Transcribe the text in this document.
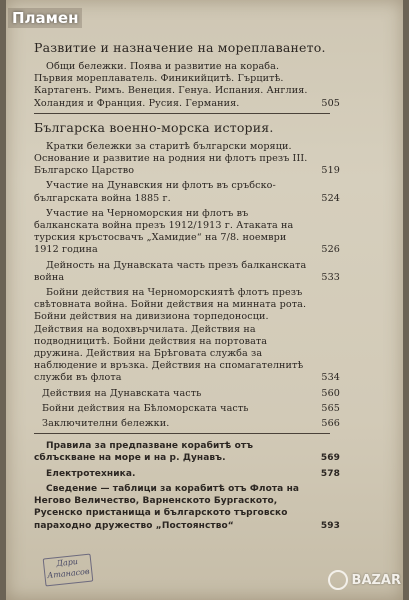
Развитие и назначение на мореплаването.
Общи бележки. Поява и развитие на кораба. Първия мореплаватель. Финикийцитѣ. Гърцитѣ. Картагенъ. Римъ. Венеция. Генуа. Испания. Англия. Холандия и Франция. Русия. Германия.	505
Българска военно-морска история.
Кратки бележки за старитѣ български моряци. Основание и развитие на родния ни флотъ презъ III. Българско Царство	519
Участие на Дунавския ни флотъ въ сръбско-българската война 1885 г.	524
Участие на Черноморския ни флотъ въ балканската война презъ 1912/1913 г. Атаката на турския кръстосвачъ „Хамидие“ на 7/8. ноември 1912 година	526
Дейность на Дунавската часть презъ балканската война	533
Бойни действия на Черноморскиятѣ флотъ презъ свѣтовната война. Бойни действия на минната рота. Бойни действия на дивизиона торпедоносци. Действия на водохвърчилата. Действия на подводницитѣ. Бойни действия на портовата дружина. Действия на Брѣговата служба за наблюдение и връзка. Действия на спомагателнитѣ служби въ флота	534
Действия на Дунавската часть	560
Бойни действия на Бѣломорската часть	565
Заключителни бележки.	566
Правила за предпазване корабитѣ отъ сблъскване на море и на р. Дунавъ.	569
Електротехника.	578
Сведение — таблици за корабитѣ отъ Флота на Негово Величество, Варненското Бургаското, Русенско пристанища и българското търговско параходно дружество „Постоянство“	593
Дари Атанасов
Пламен
BAZAR
